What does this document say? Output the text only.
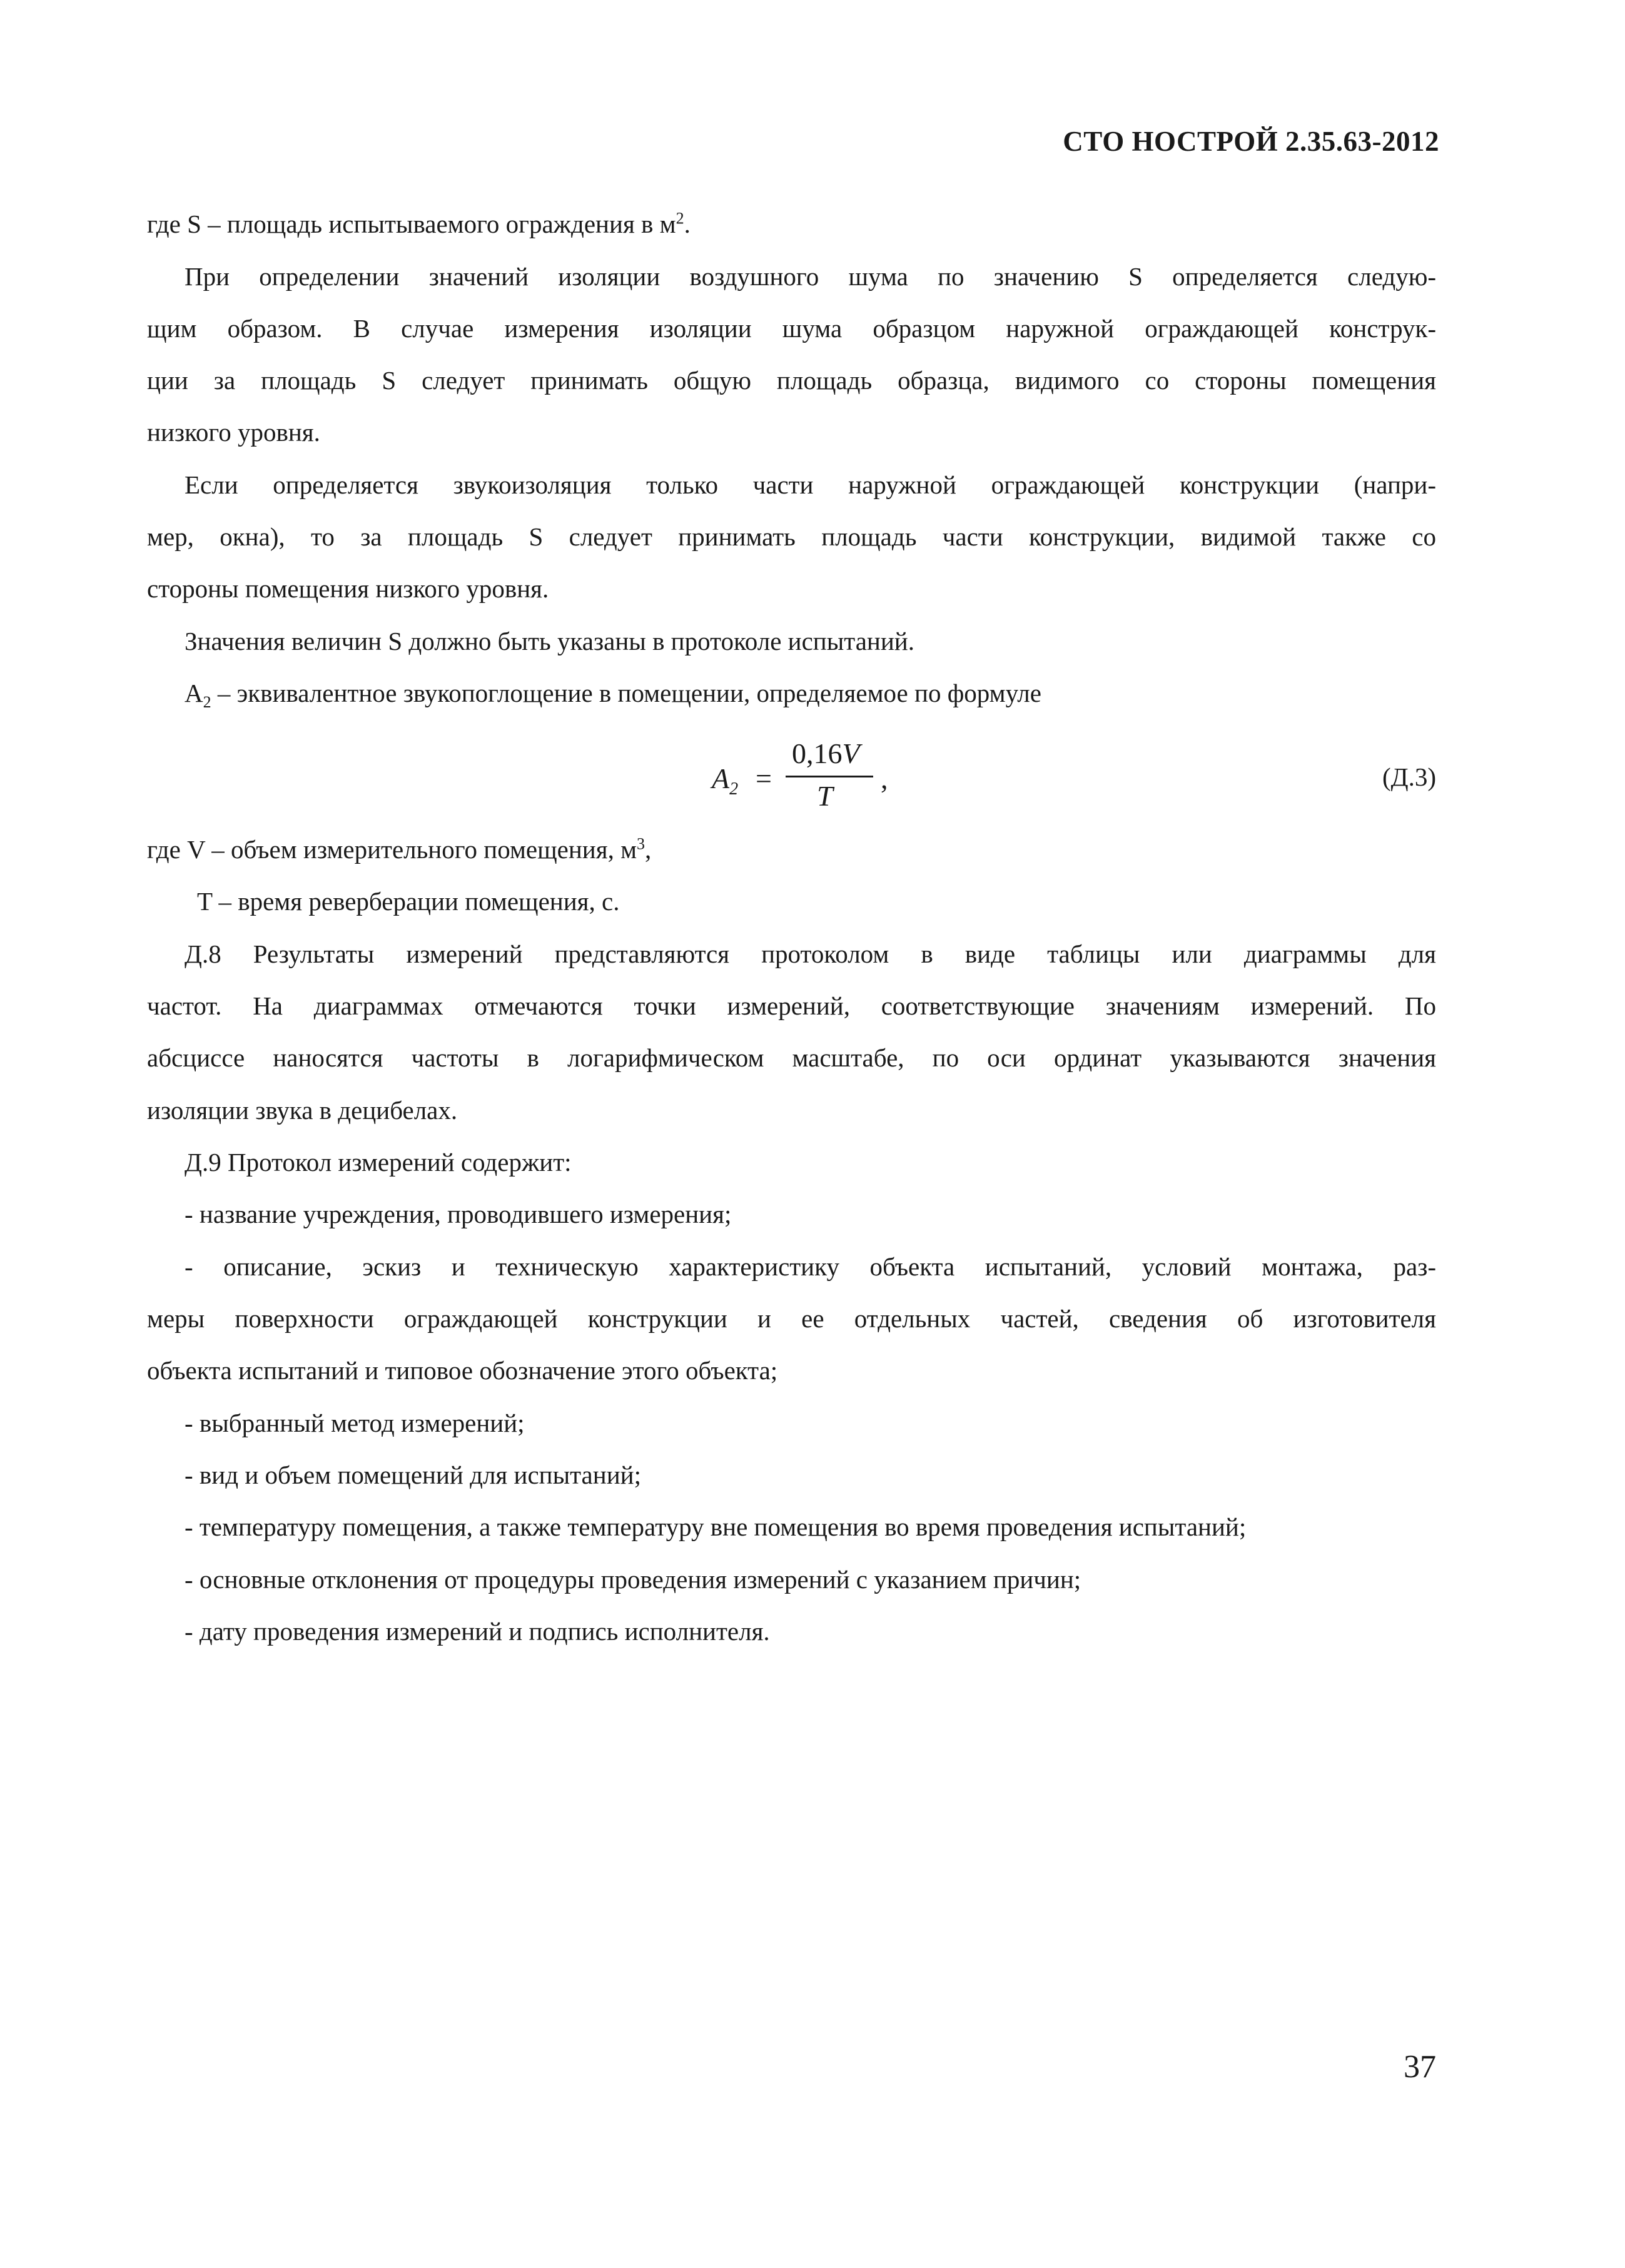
СТО НОСТРОЙ 2.35.63-2012
где S – площадь испытываемого ограждения в $м^2$.
При определении значений изоляции воздушного шума по значению S определяется следую-
щим образом. В случае измерения изоляции шума образцом наружной ограждающей конструк-
ции за площадь S следует принимать общую площадь образца, видимого со стороны помещения
низкого уровня.
Если определяется звукоизоляция только части наружной ограждающей конструкции (напри-
мер, окна), то за площадь S следует принимать площадь части конструкции, видимой также со
стороны помещения низкого уровня.
Значения величин S должно быть указаны в протоколе испытаний.
$A_2$ – эквивалентное звукопоглощение в помещении, определяемое по формуле
$A_2$ =
0,16V
T
,	(Д.3)
где V – объем измерительного помещения, $м^3$,
T – время реверберации помещения, с.
Д.8 Результаты измерений представляются протоколом в виде таблицы или диаграммы для
частот. На диаграммах отмечаются точки измерений, соответствующие значениям измерений. По
абсциссе наносятся частоты в логарифмическом масштабе, по оси ординат указываются значения
изоляции звука в децибелах.
Д.9 Протокол измерений содержит:
- название учреждения, проводившего измерения;
- описание, эскиз и техническую характеристику объекта испытаний, условий монтажа, раз-
меры поверхности ограждающей конструкции и ее отдельных частей, сведения об изготовителя
объекта испытаний и типовое обозначение этого объекта;
- выбранный метод измерений;
- вид и объем помещений для испытаний;
- температуру помещения, а также температуру вне помещения во время проведения испытаний;
- основные отклонения от процедуры проведения измерений с указанием причин;
- дату проведения измерений и подпись исполнителя.
37
